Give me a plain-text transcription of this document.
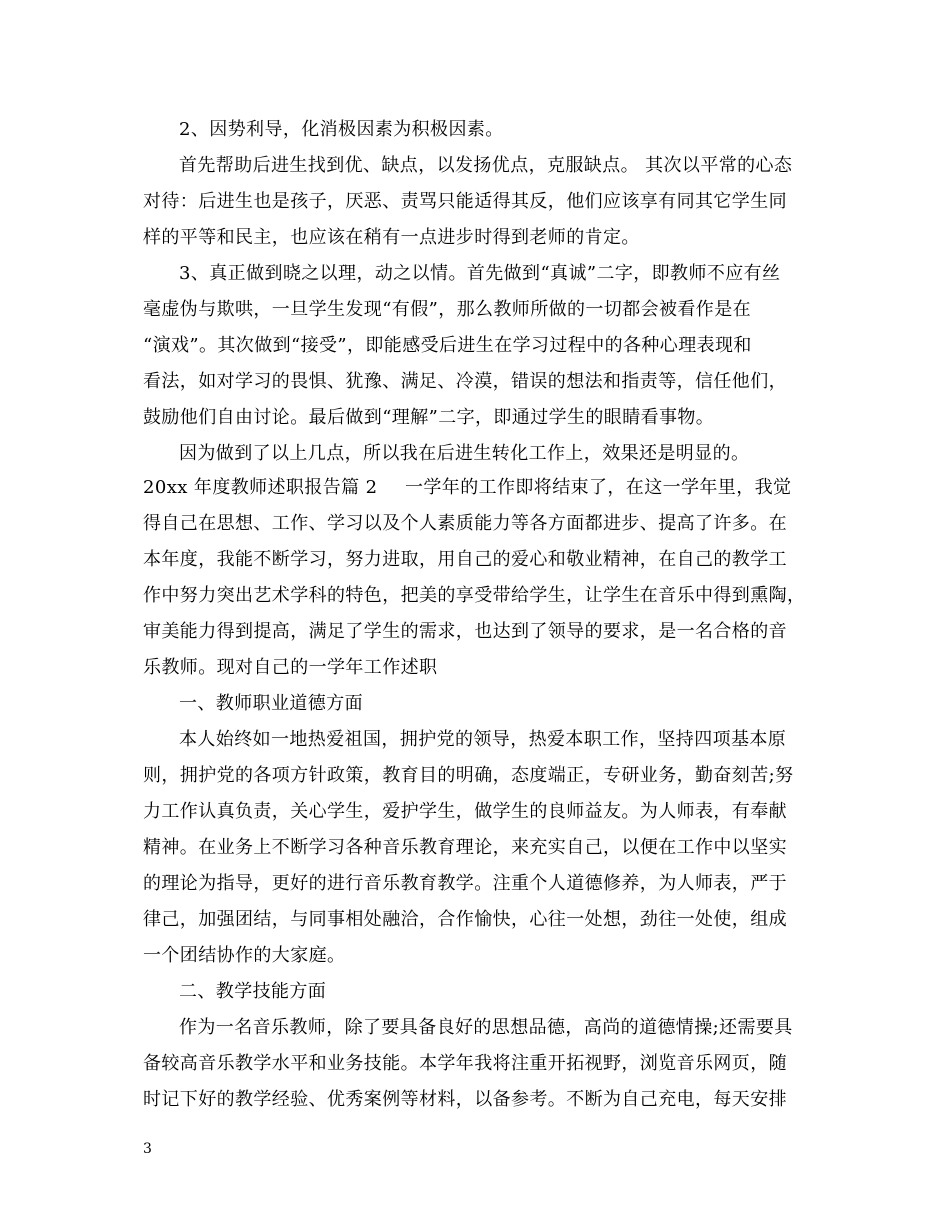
2、因势利导，化消极因素为积极因素。
首先帮助后进生找到优、缺点，以发扬优点，克服缺点。 其次以平常的心态
对待：后进生也是孩子，厌恶、责骂只能适得其反，他们应该享有同其它学生同
样的平等和民主，也应该在稍有一点进步时得到老师的肯定。
3、真正做到晓之以理，动之以情。首先做到“真诚”二字，即教师不应有丝
毫虚伪与欺哄，一旦学生发现“有假”，那么教师所做的一切都会被看作是在
“演戏”。其次做到“接受”，即能感受后进生在学习过程中的各种心理表现和
看法，如对学习的畏惧、犹豫、满足、冷漠，错误的想法和指责等，信任他们，
鼓励他们自由讨论。最后做到“理解”二字，即通过学生的眼睛看事物。
因为做到了以上几点，所以我在后进生转化工作上，效果还是明显的。
20xx 年度教师述职报告篇 2 一学年的工作即将结束了，在这一学年里，我觉
得自己在思想、工作、学习以及个人素质能力等各方面都进步、提高了许多。在
本年度，我能不断学习，努力进取，用自己的爱心和敬业精神，在自己的教学工
作中努力突出艺术学科的特色，把美的享受带给学生，让学生在音乐中得到熏陶，
审美能力得到提高，满足了学生的需求，也达到了领导的要求，是一名合格的音
乐教师。现对自己的一学年工作述职
一、教师职业道德方面
本人始终如一地热爱祖国，拥护党的领导，热爱本职工作，坚持四项基本原
则，拥护党的各项方针政策，教育目的明确，态度端正，专研业务，勤奋刻苦;努
力工作认真负责，关心学生，爱护学生，做学生的良师益友。为人师表，有奉献
精神。在业务上不断学习各种音乐教育理论，来充实自己，以便在工作中以坚实
的理论为指导，更好的进行音乐教育教学。注重个人道德修养，为人师表，严于
律己，加强团结，与同事相处融洽，合作愉快，心往一处想，劲往一处使，组成
一个团结协作的大家庭。
二、教学技能方面
作为一名音乐教师，除了要具备良好的思想品德，高尚的道德情操;还需要具
备较高音乐教学水平和业务技能。本学年我将注重开拓视野，浏览音乐网页，随
时记下好的教学经验、优秀案例等材料，以备参考。不断为自己充电，每天安排
3
